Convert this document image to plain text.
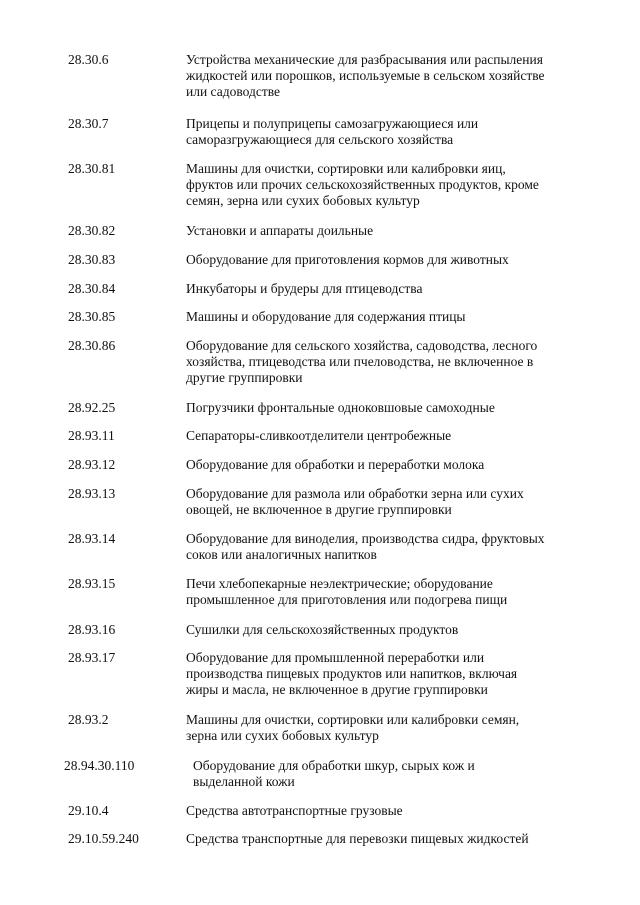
28.30.6	Устройства механические для разбрасывания или распыления
жидкостей или порошков, используемые в сельском хозяйстве
или садоводстве
28.30.7	Прицепы и полуприцепы самозагружающиеся или
саморазгружающиеся для сельского хозяйства
28.30.81	Машины для очистки, сортировки или калибровки яиц,
фруктов или прочих сельскохозяйственных продуктов, кроме
семян, зерна или сухих бобовых культур
28.30.82	Установки и аппараты доильные
28.30.83	Оборудование для приготовления кормов для животных
28.30.84	Инкубаторы и брудеры для птицеводства
28.30.85	Машины и оборудование для содержания птицы
28.30.86	Оборудование для сельского хозяйства, садоводства, лесного
хозяйства, птицеводства или пчеловодства, не включенное в
другие группировки
28.92.25	Погрузчики фронтальные одноковшовые самоходные
28.93.11	Сепараторы-сливкоотделители центробежные
28.93.12	Оборудование для обработки и переработки молока
28.93.13	Оборудование для размола или обработки зерна или сухих
овощей, не включенное в другие группировки
28.93.14	Оборудование для виноделия, производства сидра, фруктовых
соков или аналогичных напитков
28.93.15	Печи хлебопекарные неэлектрические; оборудование
промышленное для приготовления или подогрева пищи
28.93.16	Сушилки для сельскохозяйственных продуктов
28.93.17	Оборудование для промышленной переработки или
производства пищевых продуктов или напитков, включая
жиры и масла, не включенное в другие группировки
28.93.2	Машины для очистки, сортировки или калибровки семян,
зерна или сухих бобовых культур
28.94.30.110	Оборудование для обработки шкур, сырых кож и
выделанной кожи
29.10.4	Средства автотранспортные грузовые
29.10.59.240	Средства транспортные для перевозки пищевых жидкостей
